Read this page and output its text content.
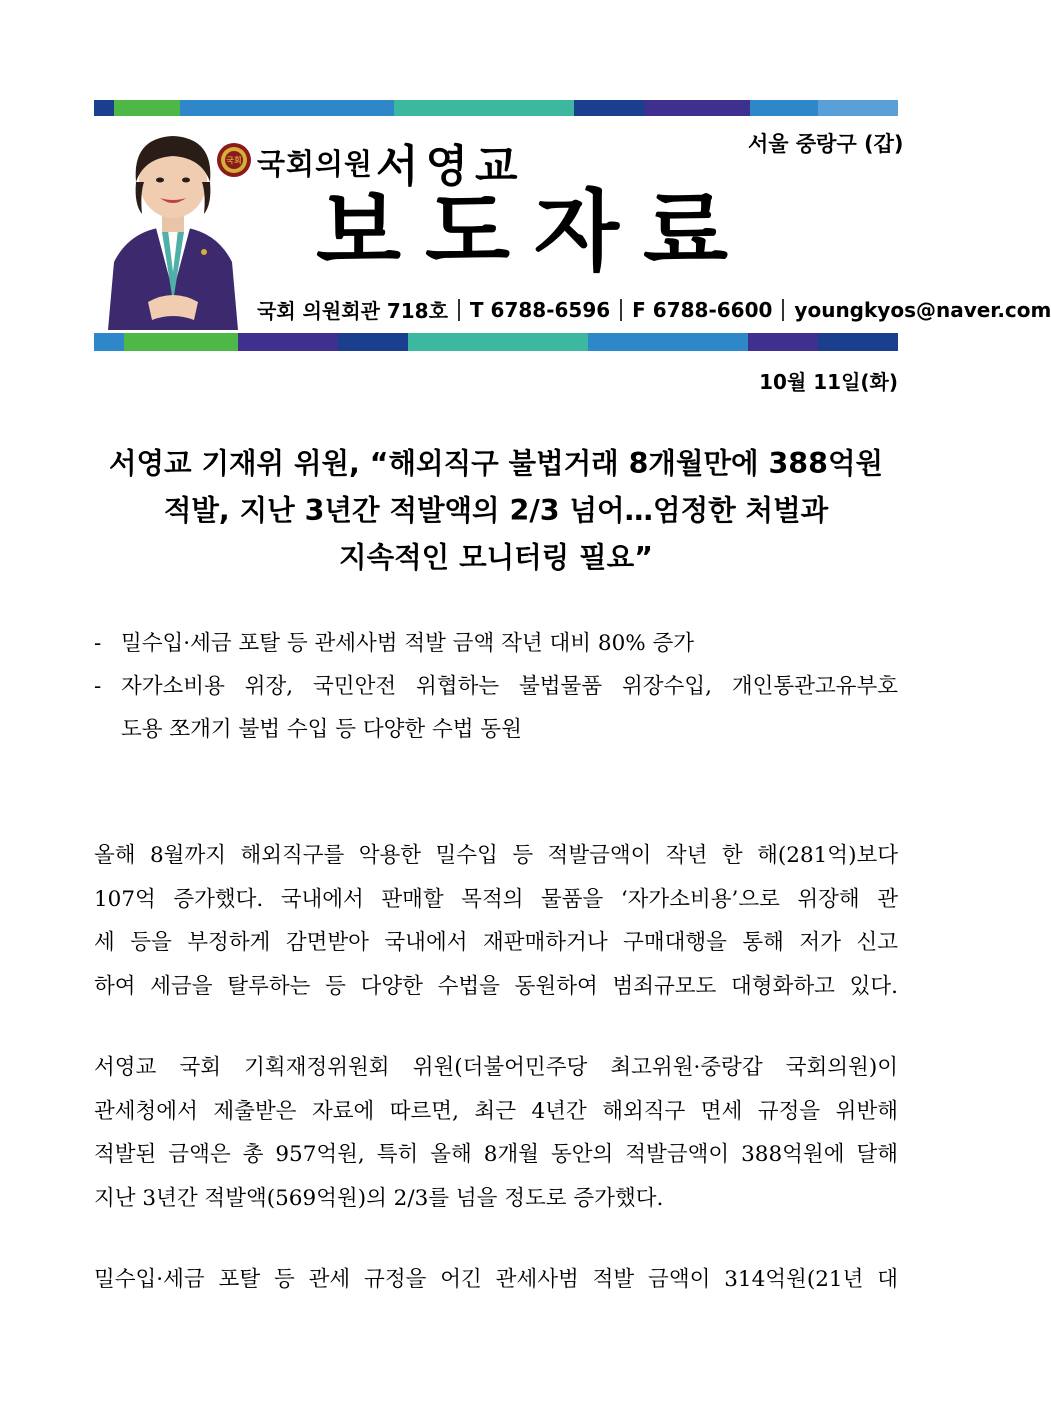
국회 국회의원 서영교	서울 중랑구 (갑)
보도자료
국회 의원회관 718호 T 6788-6596 F 6788-6600 youngkyos@naver.com
10월 11일(화)
서영교 기재위 위원, “해외직구 불법거래 8개월만에 388억원
적발, 지난 3년간 적발액의 2/3 넘어…엄정한 처벌과
지속적인 모니터링 필요”
- 밀수입·세금 포탈 등 관세사범 적발 금액 작년 대비 80% 증가
- 자가소비용 위장, 국민안전 위협하는 불법물품 위장수입, 개인통관고유부호
도용 쪼개기 불법 수입 등 다양한 수법 동원
올해 8월까지 해외직구를 악용한 밀수입 등 적발금액이 작년 한 해(281억)보다
107억 증가했다. 국내에서 판매할 목적의 물품을 ‘자가소비용’으로 위장해 관
세 등을 부정하게 감면받아 국내에서 재판매하거나 구매대행을 통해 저가 신고
하여 세금을 탈루하는 등 다양한 수법을 동원하여 범죄규모도 대형화하고 있다.
서영교 국회 기획재정위원회 위원(더불어민주당 최고위원·중랑갑 국회의원)이
관세청에서 제출받은 자료에 따르면, 최근 4년간 해외직구 면세 규정을 위반해
적발된 금액은 총 957억원, 특히 올해 8개월 동안의 적발금액이 388억원에 달해
지난 3년간 적발액(569억원)의 2/3를 넘을 정도로 증가했다.
밀수입·세금 포탈 등 관세 규정을 어긴 관세사범 적발 금액이 314억원(21년 대
